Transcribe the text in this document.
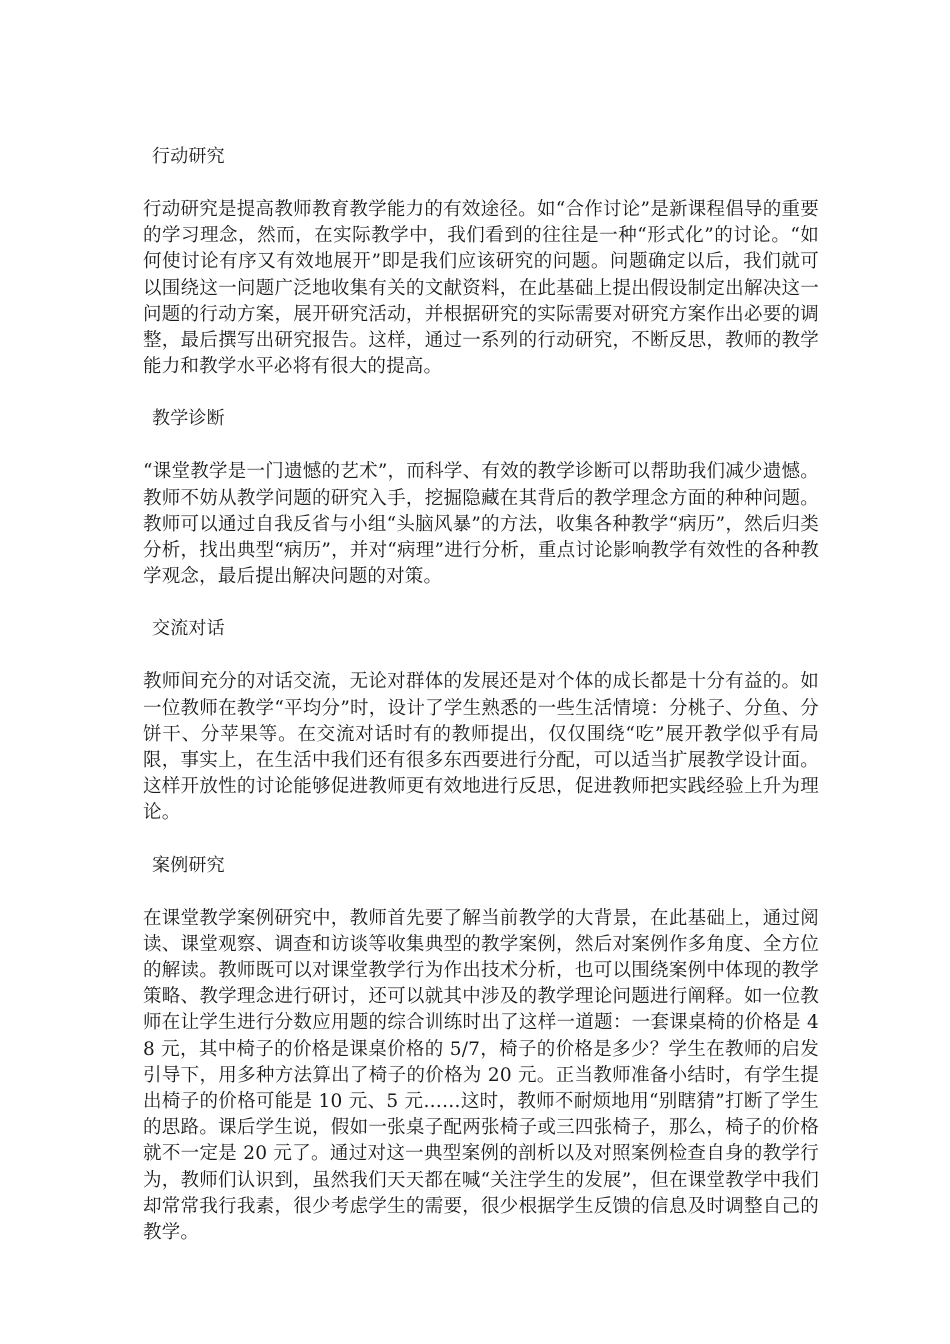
行动研究

行动研究是提高教师教育教学能力的有效途径。如“合作讨论”是新课程倡导的重要的学习理念，然而，在实际教学中，我们看到的往往是一种“形式化”的讨论。“如何使讨论有序又有效地展开”即是我们应该研究的问题。问题确定以后，我们就可以围绕这一问题广泛地收集有关的文献资料，在此基础上提出假设制定出解决这一问题的行动方案，展开研究活动，并根据研究的实际需要对研究方案作出必要的调整，最后撰写出研究报告。这样，通过一系列的行动研究，不断反思，教师的教学能力和教学水平必将有很大的提高。

教学诊断

“课堂教学是一门遗憾的艺术”，而科学、有效的教学诊断可以帮助我们减少遗憾。教师不妨从教学问题的研究入手，挖掘隐藏在其背后的教学理念方面的种种问题。教师可以通过自我反省与小组“头脑风暴”的方法，收集各种教学“病历”，然后归类分析，找出典型“病历”，并对“病理”进行分析，重点讨论影响教学有效性的各种教学观念，最后提出解决问题的对策。

交流对话

教师间充分的对话交流，无论对群体的发展还是对个体的成长都是十分有益的。如一位教师在教学“平均分”时，设计了学生熟悉的一些生活情境：分桃子、分鱼、分饼干、分苹果等。在交流对话时有的教师提出，仅仅围绕“吃”展开教学似乎有局限，事实上，在生活中我们还有很多东西要进行分配，可以适当扩展教学设计面。这样开放性的讨论能够促进教师更有效地进行反思，促进教师把实践经验上升为理论。

案例研究

在课堂教学案例研究中，教师首先要了解当前教学的大背景，在此基础上，通过阅读、课堂观察、调查和访谈等收集典型的教学案例，然后对案例作多角度、全方位的解读。教师既可以对课堂教学行为作出技术分析，也可以围绕案例中体现的教学策略、教学理念进行研讨，还可以就其中涉及的教学理论问题进行阐释。如一位教师在让学生进行分数应用题的综合训练时出了这样一道题：一套课桌椅的价格是 48 元，其中椅子的价格是课桌价格的 5/7，椅子的价格是多少？学生在教师的启发引导下，用多种方法算出了椅子的价格为 20 元。正当教师准备小结时，有学生提出椅子的价格可能是 10 元、5 元……这时，教师不耐烦地用“别瞎猜”打断了学生的思路。课后学生说，假如一张桌子配两张椅子或三四张椅子，那么，椅子的价格就不一定是 20 元了。通过对这一典型案例的剖析以及对照案例检查自身的教学行为，教师们认识到，虽然我们天天都在喊“关注学生的发展”，但在课堂教学中我们却常常我行我素，很少考虑学生的需要，很少根据学生反馈的信息及时调整自己的教学。
